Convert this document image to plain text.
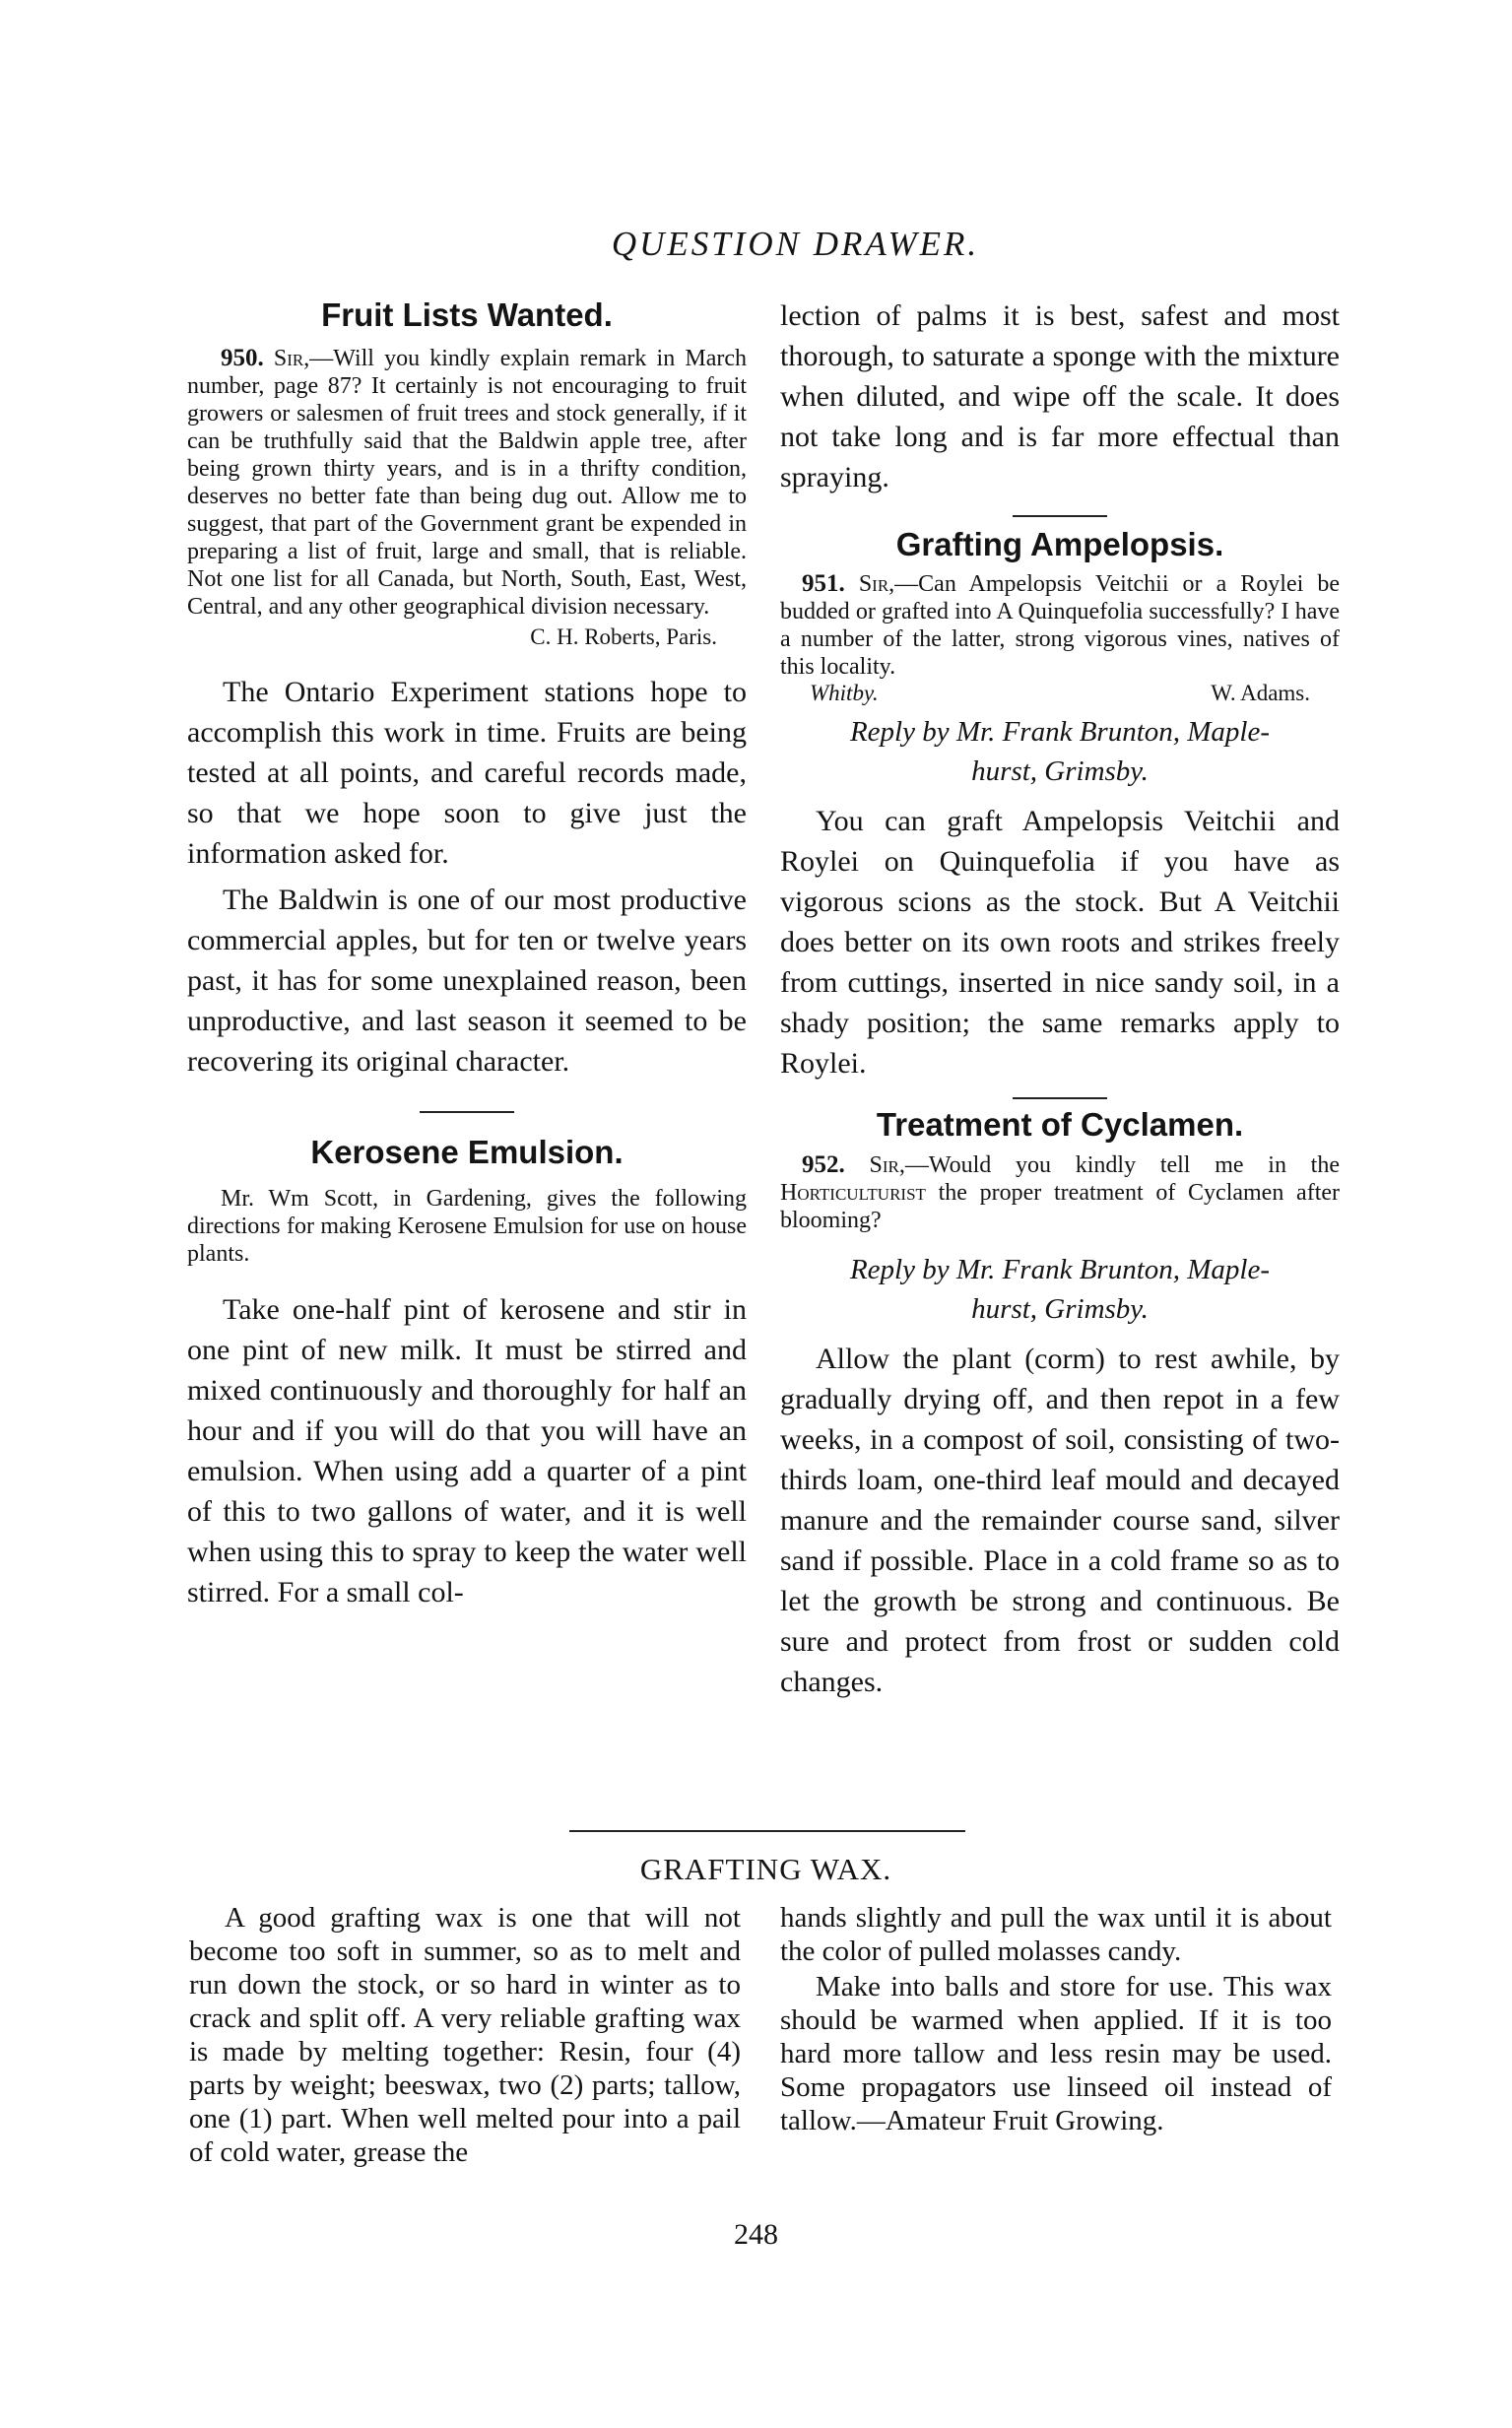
QUESTION DRAWER.
Fruit Lists Wanted.

950. Sir,—Will you kindly explain remark in March number, page 87? It certainly is not encouraging to fruit growers or salesmen of fruit trees and stock generally, if it can be truthfully said that the Baldwin apple tree, after being grown thirty years, and is in a thrifty condition, deserves no better fate than being dug out. Allow me to suggest, that part of the Government grant be expended in preparing a list of fruit, large and small, that is reliable. Not one list for all Canada, but North, South, East, West, Central, and any other geographical division necessary.

C. H. Roberts, Paris.

The Ontario Experiment stations hope to accomplish this work in time. Fruits are being tested at all points, and careful records made, so that we hope soon to give just the information asked for.

The Baldwin is one of our most productive commercial apples, but for ten or twelve years past, it has for some unexplained reason, been unproductive, and last season it seemed to be recovering its original character.

Kerosene Emulsion.

Mr. Wm Scott, in Gardening, gives the following directions for making Kerosene Emulsion for use on house plants.

Take one-half pint of kerosene and stir in one pint of new milk. It must be stirred and mixed continuously and thoroughly for half an hour and if you will do that you will have an emulsion. When using add a quarter of a pint of this to two gallons of water, and it is well when using this to spray to keep the water well stirred. For a small col-

lection of palms it is best, safest and most thorough, to saturate a sponge with the mixture when diluted, and wipe off the scale. It does not take long and is far more effectual than spraying.

Grafting Ampelopsis.

951. Sir,—Can Ampelopsis Veitchii or a Roylei be budded or grafted into A Quinquefolia successfully? I have a number of the latter, strong vigorous vines, natives of this locality.

Whitby.	W. Adams.

Reply by Mr. Frank Brunton, Maple-

hurst, Grimsby.

You can graft Ampelopsis Veitchii and Roylei on Quinquefolia if you have as vigorous scions as the stock. But A Veitchii does better on its own roots and strikes freely from cuttings, inserted in nice sandy soil, in a shady position; the same remarks apply to Roylei.

Treatment of Cyclamen.

952. Sir,—Would you kindly tell me in the Horticulturist the proper treatment of Cyclamen after blooming?

Reply by Mr. Frank Brunton, Maple-

hurst, Grimsby.

Allow the plant (corm) to rest awhile, by gradually drying off, and then repot in a few weeks, in a compost of soil, consisting of two-thirds loam, one-third leaf mould and decayed manure and the remainder course sand, silver sand if possible. Place in a cold frame so as to let the growth be strong and continuous. Be sure and protect from frost or sudden cold changes.

GRAFTING WAX.

A good grafting wax is one that will not become too soft in summer, so as to melt and run down the stock, or so hard in winter as to crack and split off. A very reliable grafting wax is made by melting together: Resin, four (4) parts by weight; beeswax, two (2) parts; tallow, one (1) part. When well melted pour into a pail of cold water, grease the

hands slightly and pull the wax until it is about the color of pulled molasses candy.

Make into balls and store for use. This wax should be warmed when applied. If it is too hard more tallow and less resin may be used. Some propagators use linseed oil instead of tallow.—Amateur Fruit Growing.

248
